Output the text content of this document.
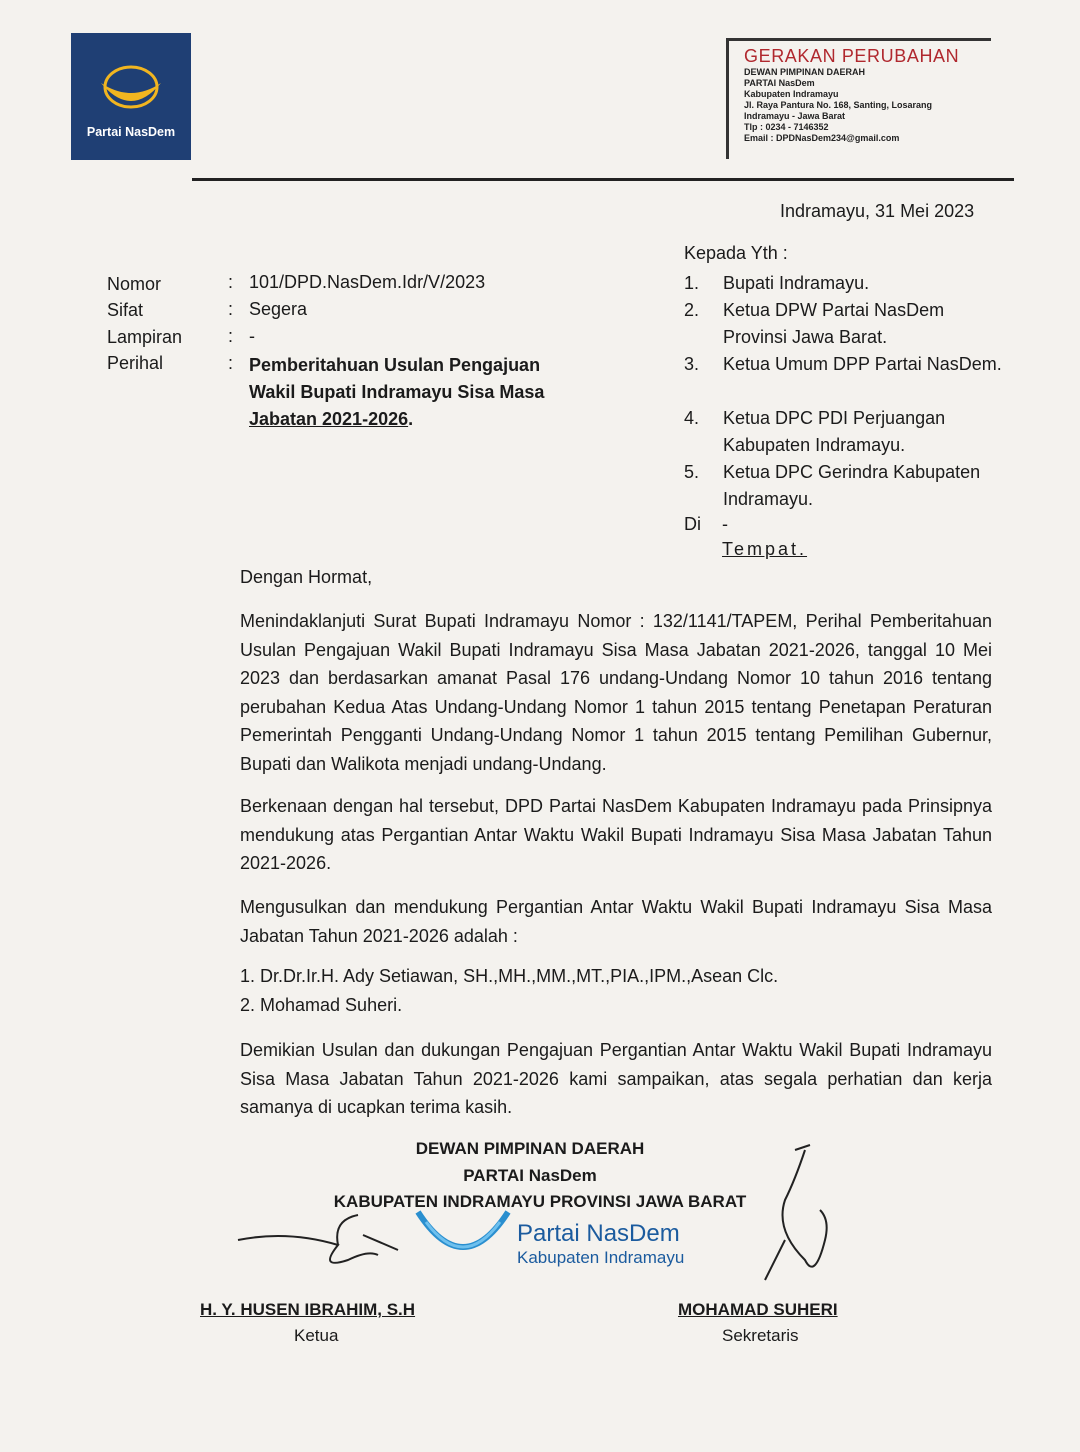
Partai NasDem
GERAKAN PERUBAHAN
DEWAN PIMPINAN DAERAH
PARTAI NasDem
Kabupaten Indramayu
Jl. Raya Pantura No. 168, Santing, Losarang
Indramayu - Jawa Barat
Tlp : 0234 - 7146352
Email : DPDNasDem234@gmail.com
Indramayu, 31 Mei 2023
Nomor	: 101/DPD.NasDem.Idr/V/2023
Sifat	: Segera
Lampiran	: -
Perihal	: Pemberitahuan Usulan Pengajuan Wakil Bupati Indramayu Sisa Masa Jabatan 2021-2026.
Kepada Yth :
1. Bupati Indramayu.
2. Ketua DPW Partai NasDem Provinsi Jawa Barat.
3. Ketua Umum DPP Partai NasDem.
4. Ketua DPC PDI Perjuangan Kabupaten Indramayu.
5. Ketua DPC Gerindra Kabupaten Indramayu.
Di -
Tempat.
Dengan Hormat,
Menindaklanjuti Surat Bupati Indramayu Nomor : 132/1141/TAPEM, Perihal Pemberitahuan Usulan Pengajuan Wakil Bupati Indramayu Sisa Masa Jabatan 2021-2026, tanggal 10 Mei 2023 dan berdasarkan amanat Pasal 176 undang-Undang Nomor 10 tahun 2016 tentang perubahan Kedua Atas Undang-Undang Nomor 1 tahun 2015 tentang Penetapan Peraturan Pemerintah Pengganti Undang-Undang Nomor 1 tahun 2015 tentang Pemilihan Gubernur, Bupati dan Walikota menjadi undang-Undang.
Berkenaan dengan hal tersebut, DPD Partai NasDem Kabupaten Indramayu pada Prinsipnya mendukung atas Pergantian Antar Waktu Wakil Bupati Indramayu Sisa Masa Jabatan Tahun 2021-2026.
Mengusulkan dan mendukung Pergantian Antar Waktu Wakil Bupati Indramayu Sisa Masa Jabatan Tahun 2021-2026 adalah :
1. Dr.Dr.Ir.H. Ady Setiawan, SH.,MH.,MM.,MT.,PIA.,IPM.,Asean Clc.
2. Mohamad Suheri.
Demikian Usulan dan dukungan Pengajuan Pergantian Antar Waktu Wakil Bupati Indramayu Sisa Masa Jabatan Tahun 2021-2026 kami sampaikan, atas segala perhatian dan kerja samanya di ucapkan terima kasih.
DEWAN PIMPINAN DAERAH
PARTAI NasDem
KABUPATEN INDRAMAYU PROVINSI JAWA BARAT
Partai NasDem
Kabupaten Indramayu
H. Y. HUSEN IBRAHIM, S.H
Ketua
MOHAMAD SUHERI
Sekretaris
